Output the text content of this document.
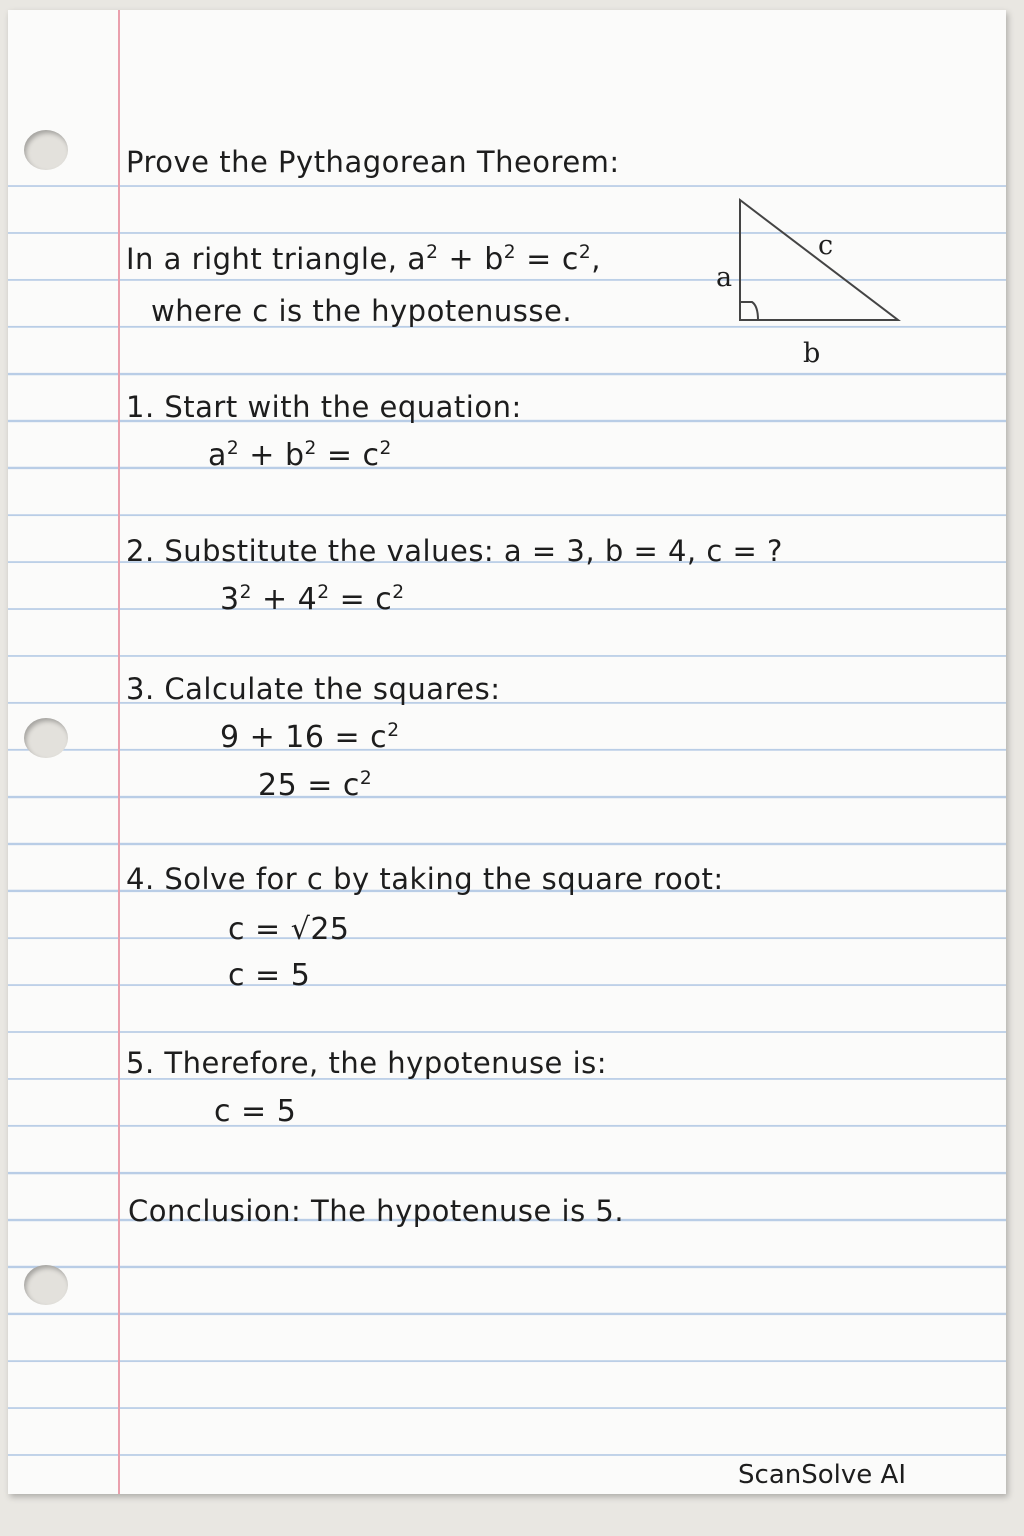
Prove the Pythagorean Theorem:

In a right triangle, $a^2 + b^2 = c^2$,

where c is the hypotenusse.

a
b
c

1. Start with the equation:

$a^2 + b^2 = c^2$

2. Substitute the values: a = 3, b = 4, c = ?

$3^2 + 4^2 = c^2$

3. Calculate the squares:

$9 + 16 = c^2$

$25 = c^2$

4. Solve for c by taking the square root:

c = √25

c = 5

5. Therefore, the hypotenuse is:

c = 5

Conclusion: The hypotenuse is 5.

ScanSolve AI
